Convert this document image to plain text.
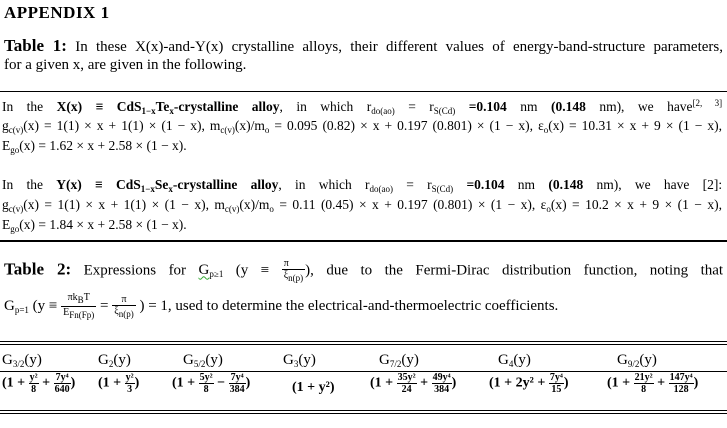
APPENDIX 1
Table 1: In these X(x)-and-Y(x) crystalline alloys, their different values of energy-band-structure parameters,
for a given x, are given in the following.
In the $X(x) \equiv CdS_{1-x}Te_x$-crystalline alloy, in which $r_{do(ao)} = r_{S(Cd)} =0.104$ nm (0.148 nm), we have[2, 3]
$g_{c(v)}(x) = 1(1) \times x + 1(1) \times (1 - x)$, $m_{c(v)}(x)/m_o = 0.095$ (0.82) × x + 0.197 (0.801) × (1 − x), $\varepsilon_o(x) = 10.31 \times x + 9 \times (1 - x)$,
$E_{go}(x) = 1.62 \times x + 2.58 \times (1 - x)$.
In the $Y(x) \equiv CdS_{1-x}Se_x$-crystalline alloy, in which $r_{do(ao)} = r_{S(Cd)} =0.104$ nm (0.148 nm), we have [2]:
$g_{c(v)}(x) = 1(1) \times x + 1(1) \times (1 - x)$, $m_{c(v)}(x)/m_o = 0.11$ (0.45) × x + 0.197 (0.801) × (1 − x), $\varepsilon_o(x) = 10.2 \times x + 9 \times (1 - x)$,
$E_{go}(x) = 1.84 \times x + 2.58 \times (1 - x)$.
Table 2: Expressions for $G_{p\ge 1}$ ($y \equiv \frac{\pi}{\xi n(p)}$ ), due to the Fermi-Dirac distribution function, noting that
$G_{p=1}$ ($y \equiv \frac{\text{πkBT}}{\text{EFn(Fp)}} = \frac{\pi}{\xi n(p)}$ ) = 1, used to determine the electrical-and-thermoelectric coefficients.
$G_{3/2}(y)$	$G_2(y)$	$G_{5/2}(y)$	$G_3(y)$	$G_{7/2}(y)$	$G_4(y)$	$G_{9/2}(y)$
($1 + \frac{\text{y²}}{8} + \frac{\text{7y⁴}}{640}$ ) ($1 + \frac{\text{y²}}{3}$ ) ($1 + \frac{\text{5y²}}{8} - \frac{\text{7y⁴}}{384}$ )	(1 + y²)	($1 + \frac{\text{35y²}}{24} + \frac{\text{49y⁴}}{384}$ ) ($1 + 2y^2 + \frac{\text{7y⁴}}{15}$ )	($1 + \frac{\text{21y²}}{8} + \frac{\text{147y⁴}}{128}$ )
